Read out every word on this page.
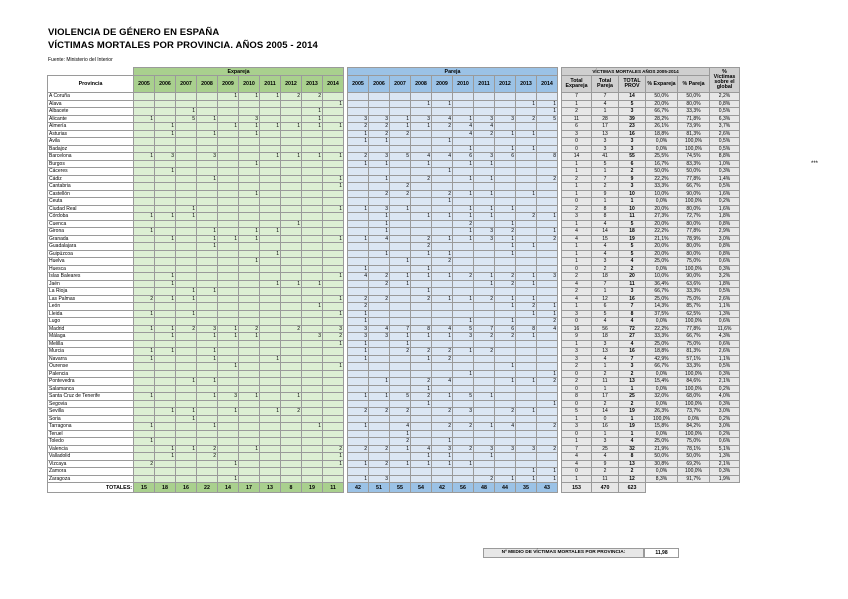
VIOLENCIA DE GÉNERO EN ESPAÑA
VÍCTIMAS MORTALES POR PROVINCIA. AÑOS 2005 - 2014
Fuente: Ministerio del Interior
	Expareja											Pareja											VÍCTIMAS MORTALES AÑOS 2005-2014					% Víctimas sobre el global
Provincia	2005	2006	2007	2008	2009	2010	2011	2012	2013	2014		2005	2006	2007	2008	2009	2010	2011	2012	2013	2014		Total Expareja	Total Pareja	TOTAL PROV	% Expareja	% Pareja	
A Coruña					1	1	1	2	2														7	7	14	50,0%	50,0%	2,2%
Álava										1					1	1				1	1		1	4	5	20,0%	80,0%	0,8%
Albacete			1						1												1		2	1	3	66,7%	33,3%	0,5%
Alicante	1		5	1		3			1			3	3	1	3	4	1	3	3	2	5		11	28	39	28,2%	71,8%	6,3%
Almería		1			1	1	1	1	1	1		2	2	1	1	2	4	4					6	17	23	26,1%	73,9%	3,7%
Asturias		1		1		1						1	2	2			4	2	1	1			3	13	16	18,8%	81,3%	2,6%
Ávila												1	1			1							0	3	3	0,0%	100,0%	0,5%
Badajoz																	1		1	1			0	3	3	0,0%	100,0%	0,5%
Barcelona	1	3		3			1	1	1	1		2	3	5	4	4	6	3	6		8		14	41	55	25,5%	74,5%	8,8%
Burgos						1						1	1		1		1	1					1	5	6	16,7%	83,3%	1,0%
Cáceres		1														1							1	1	2	50,0%	50,0%	0,3%
Cádiz				1						1			1		2		1	1			2		2	7	9	22,2%	77,8%	1,4%
Cantabria										1				2									1	2	3	33,3%	66,7%	0,5%
Castellón						1							2	2		2	1	1		1			1	9	10	10,0%	90,0%	1,6%
Ceuta																1							0	1	1	0,0%	100,0%	0,2%
Ciudad Real			1							1		1	3	1			1	1	1				2	8	10	20,0%	80,0%	1,6%
Córdoba	1	1	1										1		1	1	1	1		2	1		3	8	11	27,3%	72,7%	1,8%
Cuenca								1					1				2		1				1	4	5	20,0%	80,0%	0,8%
Girona	1			1		1	1						1				1	3	2		1		4	14	18	22,2%	77,8%	2,9%
Granada		1		1	1	1				1		1	4		2	1	1	3	1		2		4	15	19	21,1%	78,9%	3,0%
Guadalajara				1											2				1	1			1	4	5	20,0%	80,0%	0,8%
Guipúzcoa							1						1		1	1			1				1	4	5	20,0%	80,0%	0,8%
Huelva						1								1		2							1	3	4	25,0%	75,0%	0,6%
Huesca												1			1								0	2	2	0,0%	100,0%	0,3%
Islas Baleares		1								1		4	2	1	1	1	2	1	2	1	3		2	18	20	10,0%	90,0%	3,2%
Jaén		1					1	1	1				2	1				1	2	1			4	7	11	36,4%	63,6%	1,8%
La Rioja			1	1											1								2	1	3	66,7%	33,3%	0,5%
Las Palmas	2	1	1							1		2	2		2	1	1	2	1	1			4	12	16	25,0%	75,0%	2,6%
León									1			2							1	2	1		1	6	7	14,3%	85,7%	1,1%
Lleida	1		1							1		1								1	1		3	5	8	37,5%	62,5%	1,3%
Lugo												1					1		1		2		0	4	4	0,0%	100,0%	0,6%
Madrid	1	1	2	3	1	2		2		3		3	4	7	8	4	5	7	6	8	4		16	56	72	22,2%	77,8%	11,6%
Málaga		1		1	1	1			3	2		3	3	1	1	1	3	2	2	1			9	18	27	33,3%	66,7%	4,3%
Melilla										1		1		1									1	3	4	25,0%	75,0%	0,6%
Murcia	1	1		1								1		2	2	2	1	2					3	13	16	18,8%	81,3%	2,6%
Navarra	1			1			1					1			1	2							3	4	7	42,9%	57,1%	1,1%
Ourense					1					1									1				2	1	3	66,7%	33,3%	0,5%
Palencia																	1				1		0	2	2	0,0%	100,0%	0,3%
Pontevedra			1	1									1		2	4			1	1	2		2	11	13	15,4%	84,6%	2,1%
Salamanca															1								0	1	1	0,0%	100,0%	0,2%
Santa Cruz de Tenerife	1			1	3	1		1				1	1	5	2	1	5	1					8	17	25	32,0%	68,0%	4,0%
Segovia															1						1		0	2	2	0,0%	100,0%	0,3%
Sevilla		1	1		1		1	2				2	2	2		2	3		2	1			5	14	19	26,3%	73,7%	3,0%
Soria			1																				1	0	1	100,0%	0,0%	0,2%
Tarragona	1			1					1			1		4		2	2	1	4		2		3	16	19	15,8%	84,2%	3,0%
Teruel														1									0	1	1	0,0%	100,0%	0,2%
Toledo	1													2		1							1	3	4	25,0%	75,0%	0,6%
Valencia		1	1	2		1				2		2	2	1	4	3	2	3	3	3	2		7	25	32	21,9%	78,1%	5,1%
Valladolid		1		2						1					1	1		1					4	4	8	50,0%	50,0%	1,3%
Vizcaya	2				1					1		1	2	1	1	1	1						4	9	13	30,8%	69,2%	2,1%
Zamora																				1	1		0	2	2	0,0%	100,0%	0,3%
Zaragoza					1							1	3					2	1	1	1		1	11	12	8,3%	91,7%	1,9%
TOTALES:	15	18	16	22	14	17	13	8	19	11		42	51	55	54	42	56	48	44	35	43		153	470	623			
Nº MEDIO DE VÍCTIMAS MORTALES POR PROVINCIA:	11,98
***
